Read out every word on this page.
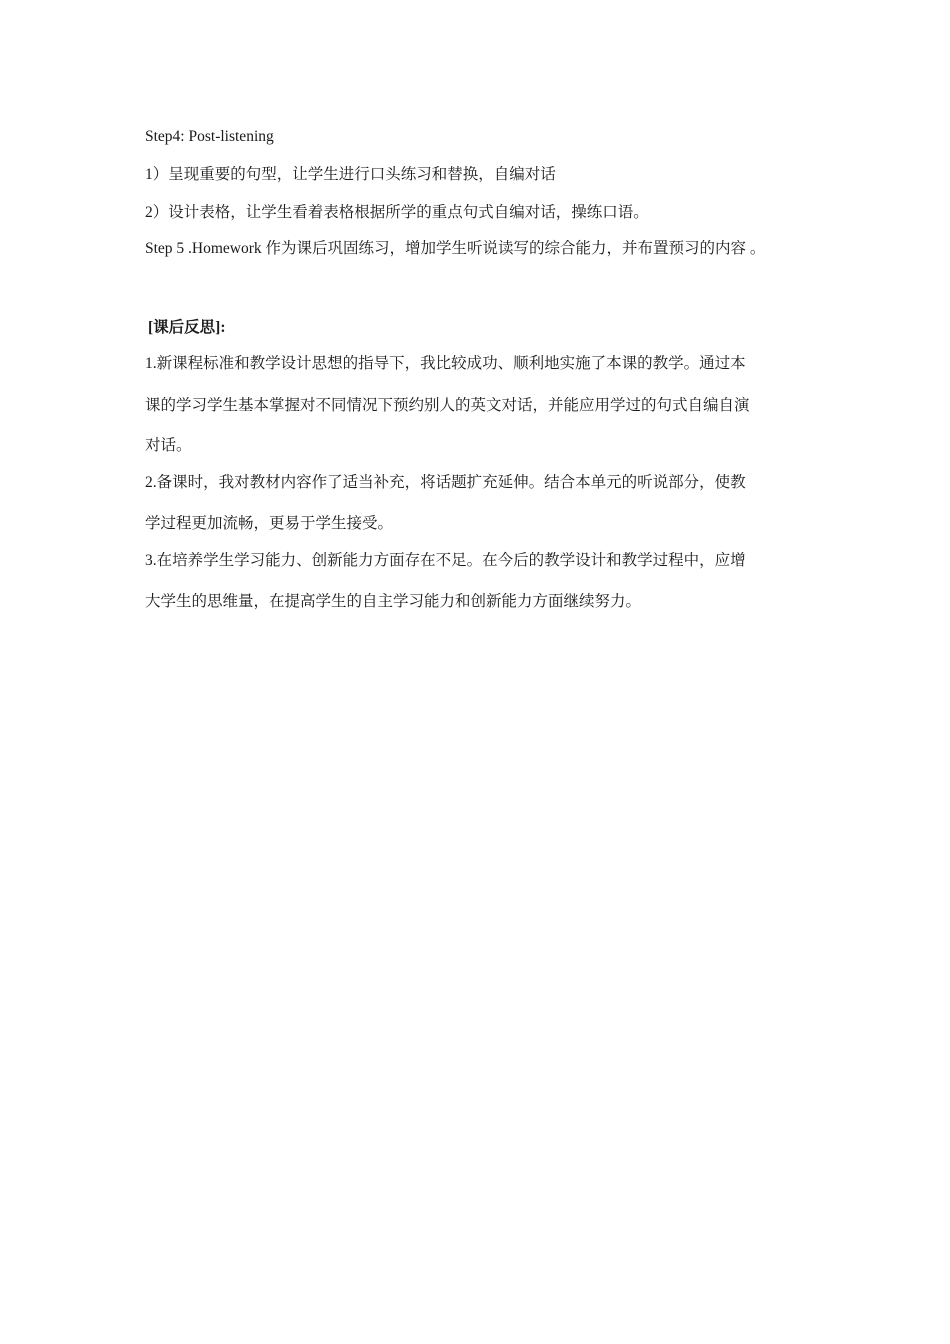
Step4: Post-listening
1）呈现重要的句型，让学生进行口头练习和替换，自编对话
2）设计表格，让学生看着表格根据所学的重点句式自编对话，操练口语。
Step 5 .Homework 作为课后巩固练习，增加学生听说读写的综合能力，并布置预习的内容 。
[课后反思]:
1.新课程标准和教学设计思想的指导下，我比较成功、顺利地实施了本课的教学。通过本
课的学习学生基本掌握对不同情况下预约别人的英文对话，并能应用学过的句式自编自演
对话。
2.备课时，我对教材内容作了适当补充，将话题扩充延伸。结合本单元的听说部分，使教
学过程更加流畅，更易于学生接受。
3.在培养学生学习能力、创新能力方面存在不足。在今后的教学设计和教学过程中，应增
大学生的思维量，在提高学生的自主学习能力和创新能力方面继续努力。
